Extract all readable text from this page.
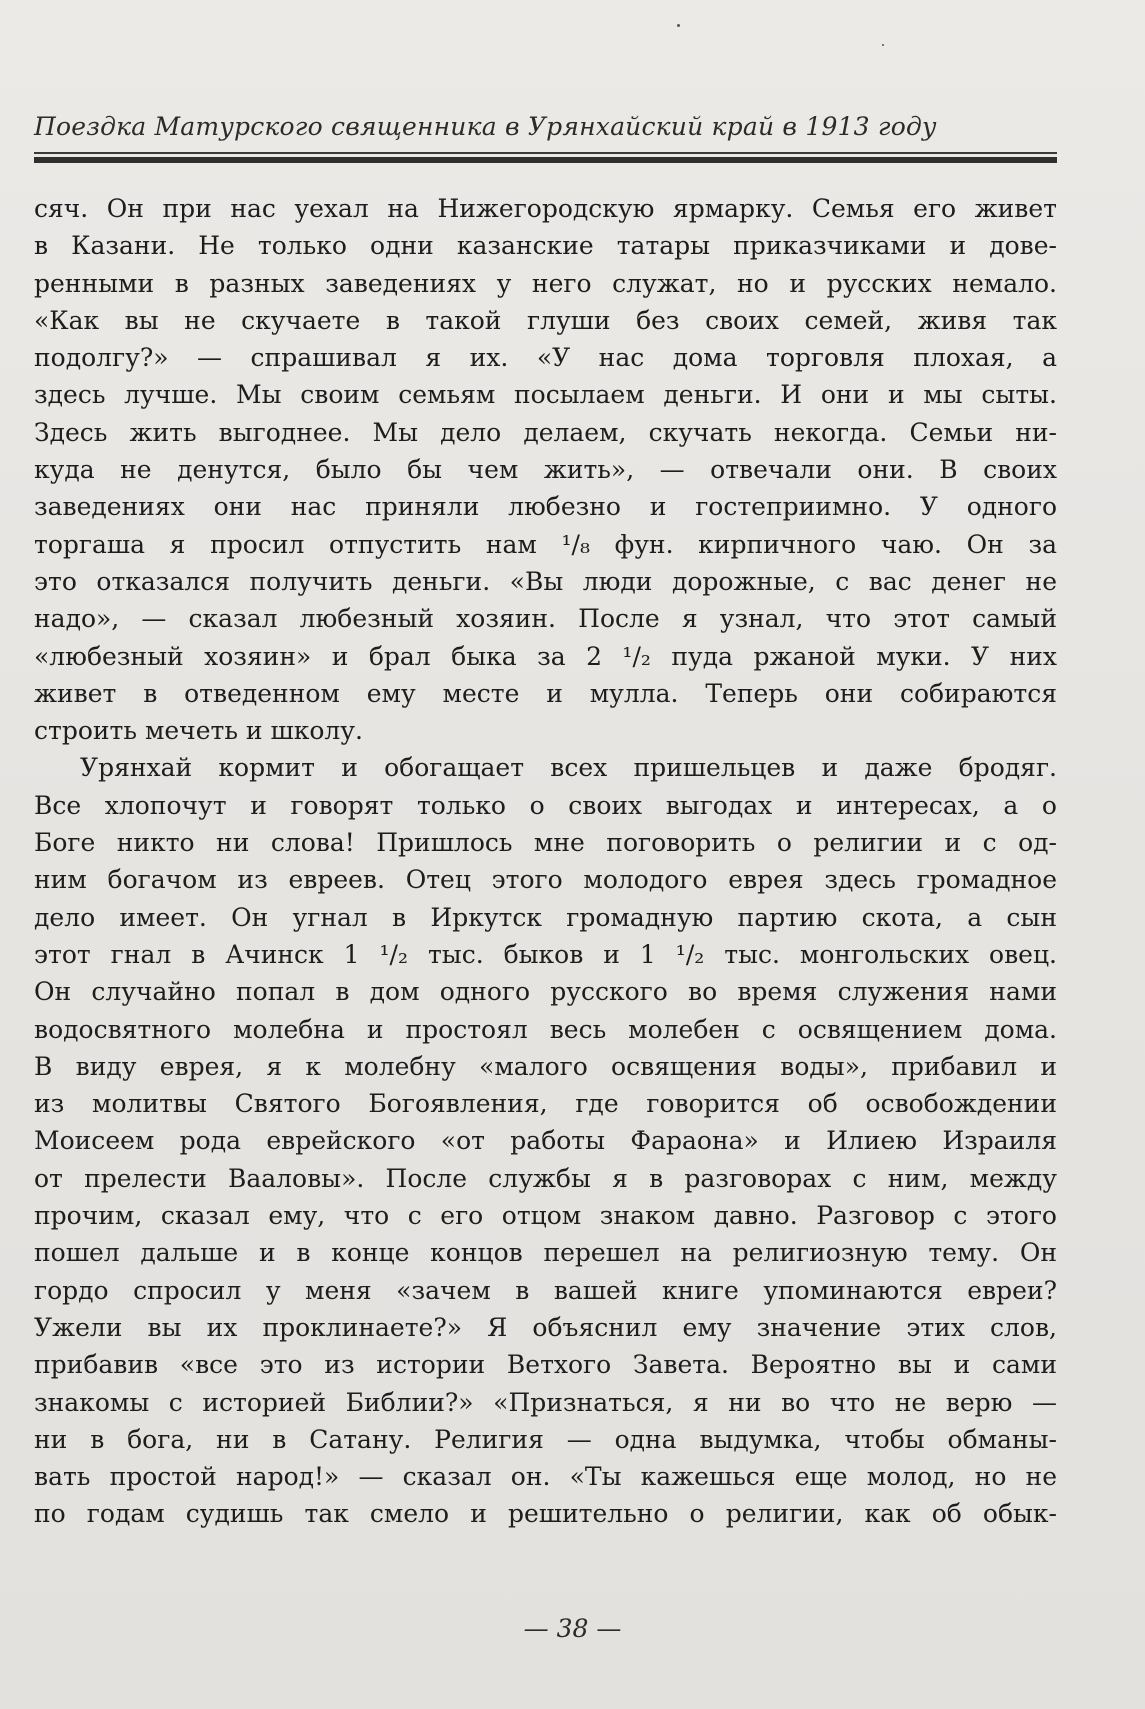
Поездка Матурского священника в Урянхайский край в 1913 году
сяч. Он при нас уехал на Нижегородскую ярмарку. Семья его живет
в Казани. Не только одни казанские татары приказчиками и дове-
ренными в разных заведениях у него служат, но и русских немало.
«Как вы не скучаете в такой глуши без своих семей, живя так
подолгу?» — спрашивал я их. «У нас дома торговля плохая, а
здесь лучше. Мы своим семьям посылаем деньги. И они и мы сыты.
Здесь жить выгоднее. Мы дело делаем, скучать некогда. Семьи ни-
куда не денутся, было бы чем жить», — отвечали они. В своих
заведениях они нас приняли любезно и гостеприимно. У одного
торгаша я просил отпустить нам ¹/₈ фун. кирпичного чаю. Он за
это отказался получить деньги. «Вы люди дорожные, с вас денег не
надо», — сказал любезный хозяин. После я узнал, что этот самый
«любезный хозяин» и брал быка за 2 ¹/₂ пуда ржаной муки. У них
живет в отведенном ему месте и мулла. Теперь они собираются
строить мечеть и школу.
Урянхай кормит и обогащает всех пришельцев и даже бродяг.
Все хлопочут и говорят только о своих выгодах и интересах, а о
Боге никто ни слова! Пришлось мне поговорить о религии и с од-
ним богачом из евреев. Отец этого молодого еврея здесь громадное
дело имеет. Он угнал в Иркутск громадную партию скота, а сын
этот гнал в Ачинск 1 ¹/₂ тыс. быков и 1 ¹/₂ тыс. монгольских овец.
Он случайно попал в дом одного русского во время служения нами
водосвятного молебна и простоял весь молебен с освящением дома.
В виду еврея, я к молебну «малого освящения воды», прибавил и
из молитвы Святого Богоявления, где говорится об освобождении
Моисеем рода еврейского «от работы Фараона» и Илиею Израиля
от прелести Вааловы». После службы я в разговорах с ним, между
прочим, сказал ему, что с его отцом знаком давно. Разговор с этого
пошел дальше и в конце концов перешел на религиозную тему. Он
гордо спросил у меня «зачем в вашей книге упоминаются евреи?
Ужели вы их проклинаете?» Я объяснил ему значение этих слов,
прибавив «все это из истории Ветхого Завета. Вероятно вы и сами
знакомы с историей Библии?» «Признаться, я ни во что не верю —
ни в бога, ни в Сатану. Религия — одна выдумка, чтобы обманы-
вать простой народ!» — сказал он. «Ты кажешься еще молод, но не
по годам судишь так смело и решительно о религии, как об обык-
— 38 —
